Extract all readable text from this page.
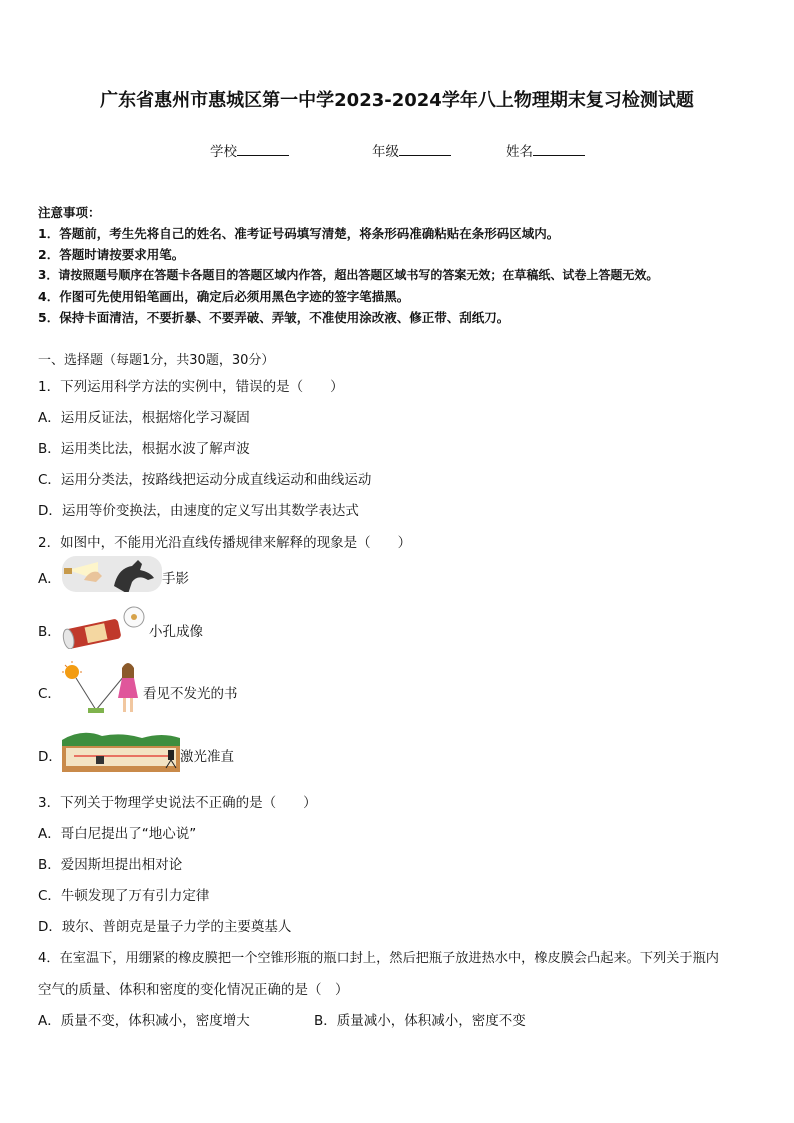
广东省惠州市惠城区第一中学2023-2024学年八上物理期末复习检测试题
学校	年级	姓名
注意事项：
1．答题前，考生先将自己的姓名、准考证号码填写清楚，将条形码准确粘贴在条形码区域内。
2．答题时请按要求用笔。
3．请按照题号顺序在答题卡各题目的答题区域内作答，超出答题区域书写的答案无效；在草稿纸、试卷上答题无效。
4．作图可先使用铅笔画出，确定后必须用黑色字迹的签字笔描黑。
5．保持卡面清洁，不要折暴、不要弄破、弄皱，不准使用涂改液、修正带、刮纸刀。
一、选择题（每题1分，共30题，30分）
1．下列运用科学方法的实例中，错误的是（　　）
A．运用反证法，根据熔化学习凝固
B．运用类比法，根据水波了解声波
C．运用分类法，按路线把运动分成直线运动和曲线运动
D．运用等价变换法，由速度的定义写出其数学表达式
2．如图中，不能用光沿直线传播规律来解释的现象是（　　）
A．	手影
B．	小孔成像
C．	看见不发光的书
D．	激光准直
3．下列关于物理学史说法不正确的是（　　）
A．哥白尼提出了“地心说”
B．爱因斯坦提出相对论
C．牛顿发现了万有引力定律
D．玻尔、普朗克是量子力学的主要奠基人
4．在室温下，用绷紧的橡皮膜把一个空锥形瓶的瓶口封上，然后把瓶子放进热水中，橡皮膜会凸起来。下列关于瓶内
空气的质量、体积和密度的变化情况正确的是（　）
A．质量不变，体积减小，密度增大	B．质量减小，体积减小，密度不变
